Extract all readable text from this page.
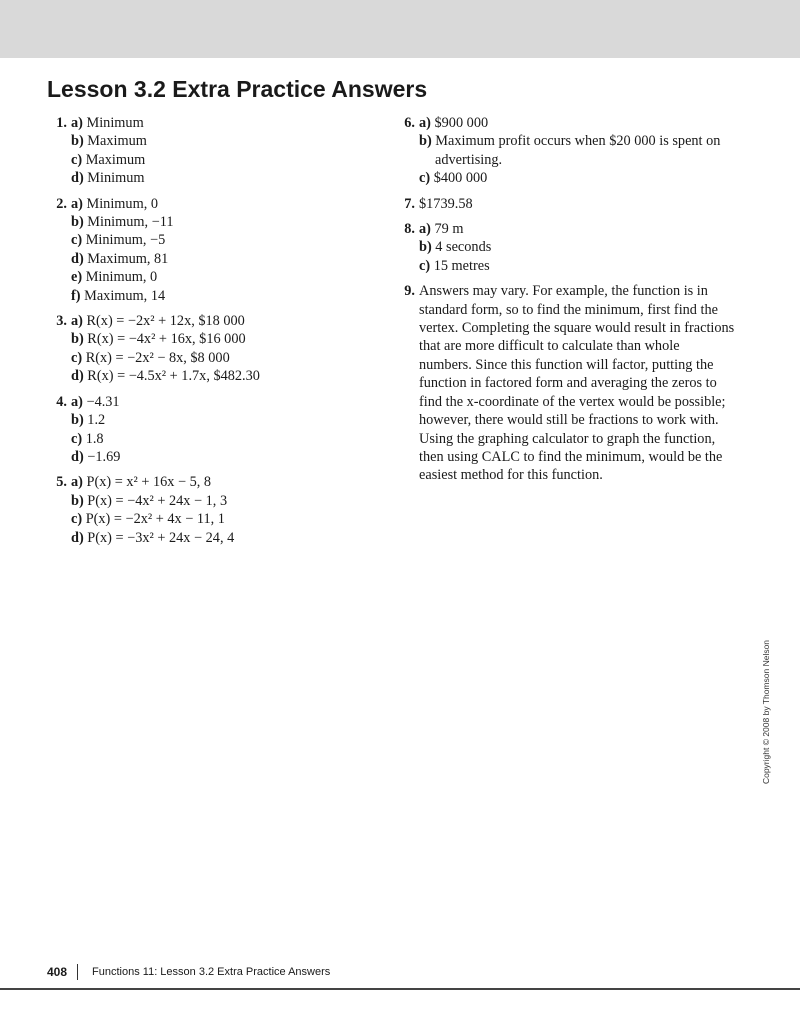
Lesson 3.2 Extra Practice Answers
1. a) Minimum
b) Maximum
c) Maximum
d) Minimum
2. a) Minimum, 0
b) Minimum, −11
c) Minimum, −5
d) Maximum, 81
e) Minimum, 0
f) Maximum, 14
3. a) R(x) = −2x² + 12x, $18 000
b) R(x) = −4x² + 16x, $16 000
c) R(x) = −2x² − 8x, $8 000
d) R(x) = −4.5x² + 1.7x, $482.30
4. a) −4.31
b) 1.2
c) 1.8
d) −1.69
5. a) P(x) = x² + 16x − 5, 8
b) P(x) = −4x² + 24x − 1, 3
c) P(x) = −2x² + 4x − 11, 1
d) P(x) = −3x² + 24x − 24, 4
6. a) $900 000
b) Maximum profit occurs when $20 000 is spent on advertising.
c) $400 000
7. $1739.58
8. a) 79 m
b) 4 seconds
c) 15 metres
9. Answers may vary. For example, the function is in standard form, so to find the minimum, first find the vertex. Completing the square would result in fractions that are more difficult to calculate than whole numbers. Since this function will factor, putting the function in factored form and averaging the zeros to find the x-coordinate of the vertex would be possible; however, there would still be fractions to work with. Using the graphing calculator to graph the function, then using CALC to find the minimum, would be the easiest method for this function.
Copyright © 2008 by Thomson Nelson
408 Functions 11: Lesson 3.2 Extra Practice Answers
